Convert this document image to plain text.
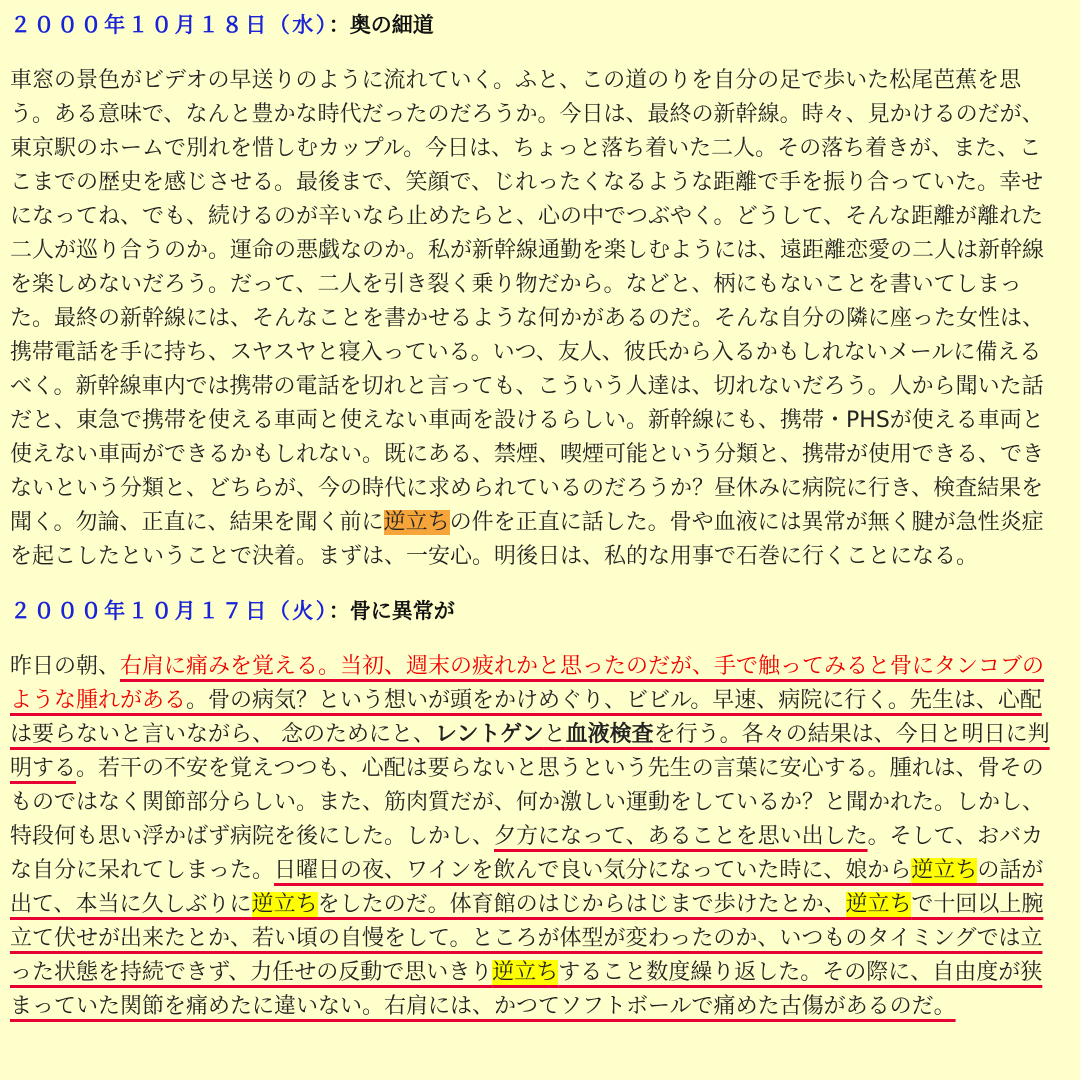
２０００年１０月１８日（水）：奥の細道
車窓の景色がビデオの早送りのように流れていく。ふと、この道のりを自分の足で歩いた松尾芭蕉を思
う。ある意味で、なんと豊かな時代だったのだろうか。今日は、最終の新幹線。時々、見かけるのだが、
東京駅のホームで別れを惜しむカップル。今日は、ちょっと落ち着いた二人。その落ち着きが、また、こ
こまでの歴史を感じさせる。最後まで、笑顔で、じれったくなるような距離で手を振り合っていた。幸せ
になってね、でも、続けるのが辛いなら止めたらと、心の中でつぶやく。どうして、そんな距離が離れた
二人が巡り合うのか。運命の悪戯なのか。私が新幹線通勤を楽しむようには、遠距離恋愛の二人は新幹線
を楽しめないだろう。だって、二人を引き裂く乗り物だから。などと、柄にもないことを書いてしまっ
た。最終の新幹線には、そんなことを書かせるような何かがあるのだ。そんな自分の隣に座った女性は、
携帯電話を手に持ち、スヤスヤと寝入っている。いつ、友人、彼氏から入るかもしれないメールに備える
べく。新幹線車内では携帯の電話を切れと言っても、こういう人達は、切れないだろう。人から聞いた話
だと、東急で携帯を使える車両と使えない車両を設けるらしい。新幹線にも、携帯・PHSが使える車両と
使えない車両ができるかもしれない。既にある、禁煙、喫煙可能という分類と、携帯が使用できる、でき
ないという分類と、どちらが、今の時代に求められているのだろうか？昼休みに病院に行き、検査結果を
聞く。勿論、正直に、結果を聞く前に逆立ちの件を正直に話した。骨や血液には異常が無く腱が急性炎症
を起こしたということで決着。まずは、一安心。明後日は、私的な用事で石巻に行くことになる。
２０００年１０月１７日（火）：骨に異常が
昨日の朝、右肩に痛みを覚える。当初、週末の疲れかと思ったのだが、手で触ってみると骨にタンコブの
ような腫れがある。骨の病気？という想いが頭をかけめぐり、ビビル。早速、病院に行く。先生は、心配
は要らないと言いながら、 念のためにと、レントゲンと血液検査を行う。各々の結果は、今日と明日に判
明する。若干の不安を覚えつつも、心配は要らないと思うという先生の言葉に安心する。腫れは、骨その
ものではなく関節部分らしい。また、筋肉質だが、何か激しい運動をしているか？と聞かれた。しかし、
特段何も思い浮かばず病院を後にした。しかし、夕方になって、あることを思い出した。そして、おバカ
な自分に呆れてしまった。日曜日の夜、ワインを飲んで良い気分になっていた時に、娘から逆立ちの話が
出て、本当に久しぶりに逆立ちをしたのだ。体育館のはじからはじまで歩けたとか、逆立ちで十回以上腕
立て伏せが出来たとか、若い頃の自慢をして。ところが体型が変わったのか、いつものタイミングでは立
った状態を持続できず、力任せの反動で思いきり逆立ちすること数度繰り返した。その際に、自由度が狭
まっていた関節を痛めたに違いない。右肩には、かつてソフトボールで痛めた古傷があるのだ。
